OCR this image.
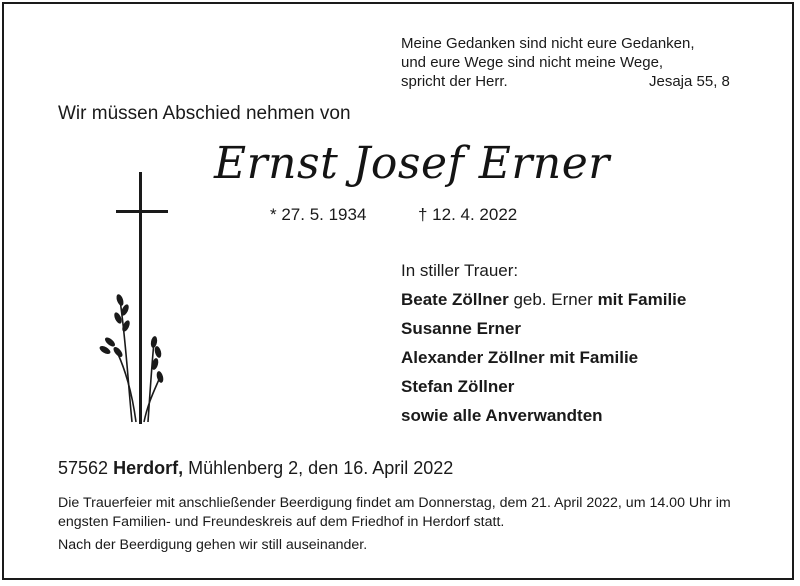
Meine Gedanken sind nicht eure Gedanken,
und eure Wege sind nicht meine Wege,
spricht der Herr.	Jesaja 55, 8
Wir müssen Abschied nehmen von
Ernst Josef Erner
* 27. 5. 1934	† 12. 4. 2022
In stiller Trauer:
Beate Zöllner geb. Erner mit Familie
Susanne Erner
Alexander Zöllner mit Familie
Stefan Zöllner
sowie alle Anverwandten
57562 Herdorf, Mühlenberg 2, den 16. April 2022
Die Trauerfeier mit anschließender Beerdigung findet am Donnerstag, dem 21. April 2022, um 14.00 Uhr im engsten Familien- und Freundeskreis auf dem Friedhof in Herdorf statt.
Nach der Beerdigung gehen wir still auseinander.
